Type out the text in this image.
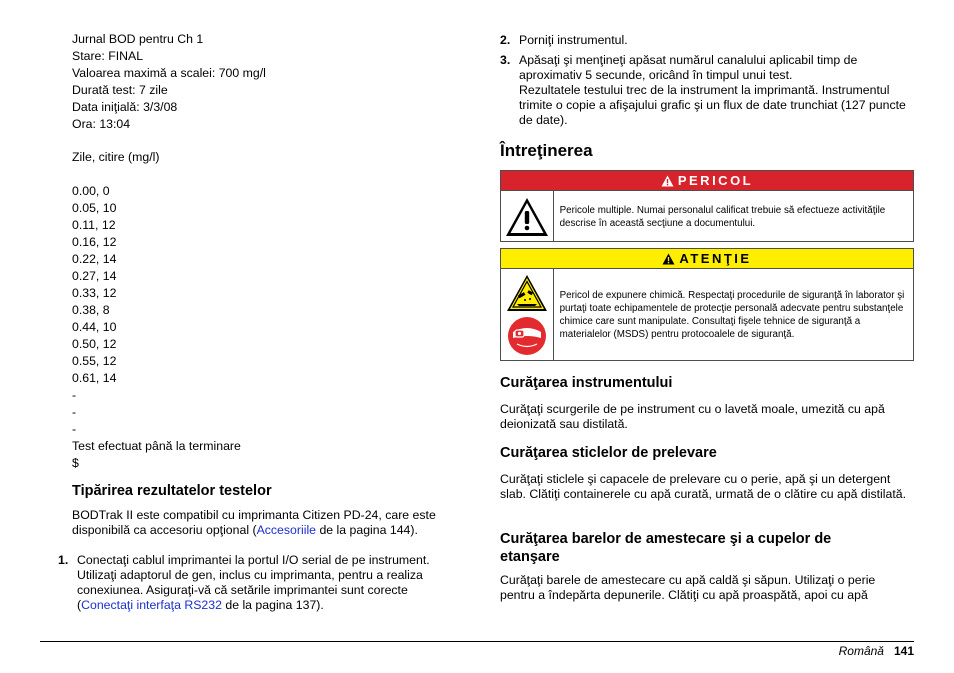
Jurnal BOD pentru Ch 1
Stare: FINAL
Valoarea maximă a scalei: 700 mg/l
Durată test: 7 zile
Data iniţială: 3/3/08
Ora: 13:04
Zile, citire (mg/l)
0.00, 0
0.05, 10
0.11, 12
0.16, 12
0.22, 14
0.27, 14
0.33, 12
0.38, 8
0.44, 10
0.50, 12
0.55, 12
0.61, 14
-
-
-
Test efectuat până la terminare
$
Tipărirea rezultatelor testelor

BODTrak II este compatibil cu imprimanta Citizen PD-24, care este disponibilă ca accesoriu opţional (Accesoriile de la pagina 144).

1. Conectaţi cablul imprimantei la portul I/O serial de pe instrument. Utilizaţi adaptorul de gen, inclus cu imprimanta, pentru a realiza conexiunea. Asiguraţi-vă că setările imprimantei sunt corecte (Conectaţi interfaţa RS232 de la pagina 137).
2. Porniţi instrumentul.
3. Apăsaţi şi menţineţi apăsat numărul canalului aplicabil timp de aproximativ 5 secunde, oricând în timpul unui test.
Rezultatele testului trec de la instrument la imprimantă. Instrumentul trimite o copie a afişajului grafic şi un flux de date trunchiat (127 puncte de date).
Întreţinerea
PERICOL
Pericole multiple. Numai personalul calificat trebuie să efectueze activităţile descrise în această secţiune a documentului.
ATENŢIE
Pericol de expunere chimică. Respectaţi procedurile de siguranţă în laborator şi purtaţi toate echipamentele de protecţie personală adecvate pentru substanţele chimice care sunt manipulate. Consultaţi fişele tehnice de siguranţă a materialelor (MSDS) pentru protocoalele de siguranţă.
Curăţarea instrumentului

Curăţaţi scurgerile de pe instrument cu o lavetă moale, umezită cu apă deionizată sau distilată.

Curăţarea sticlelor de prelevare

Curăţaţi sticlele şi capacele de prelevare cu o perie, apă şi un detergent slab. Clătiţi containerele cu apă curată, urmată de o clătire cu apă distilată.

Curăţarea barelor de amestecare şi a cupelor de etanşare

Curăţaţi barele de amestecare cu apă caldă şi săpun. Utilizaţi o perie pentru a îndepărta depunerile. Clătiţi cu apă proaspătă, apoi cu apă

Română 141
